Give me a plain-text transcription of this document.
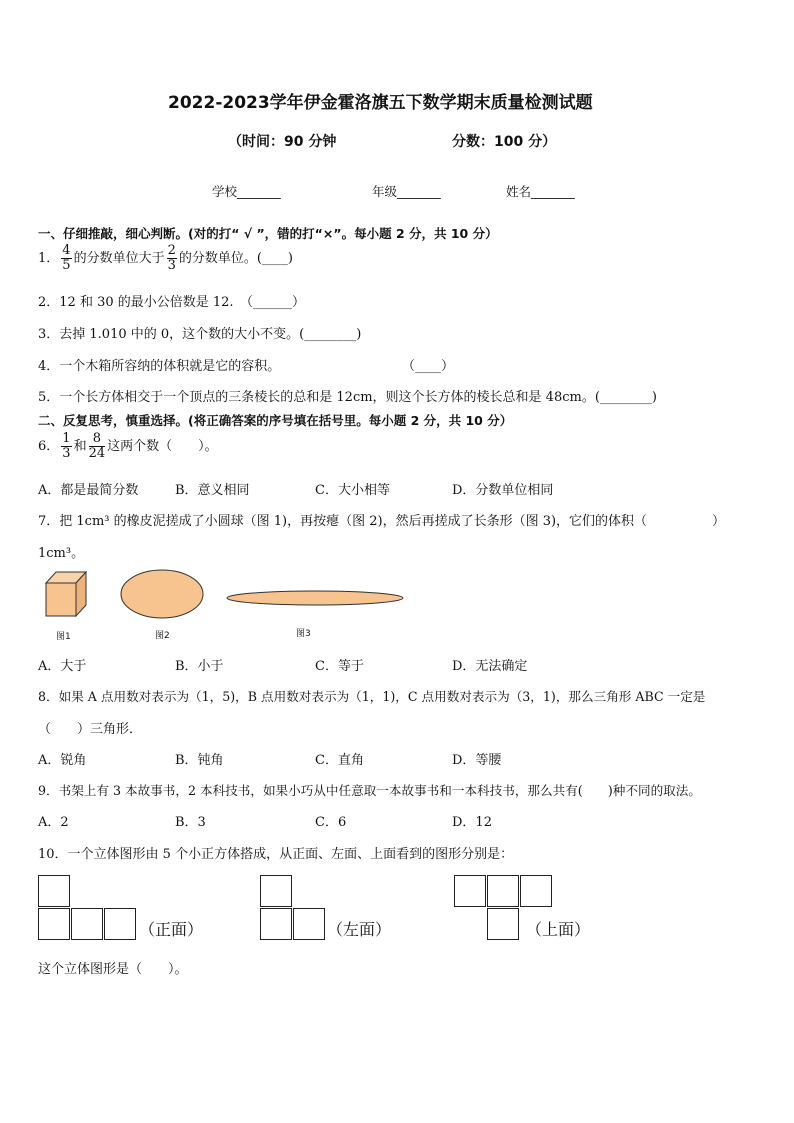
2022-2023学年伊金霍洛旗五下数学期末质量检测试题
（时间：90 分钟	分数：100 分）
学校_______	年级_______	姓名_______
一、仔细推敲，细心判断。(对的打“ √ ”，错的打“×”。每小题 2 分，共 10 分）
1． $\frac{4}{5}$ 的分数单位大于 $\frac{2}{3}$ 的分数单位。(____)
2．12 和 30 的最小公倍数是 12.　（______）
3．去掉 1.010 中的 0，这个数的大小不变。(________)
4．一个木箱所容纳的体积就是它的容积。	（____）
5．一个长方体相交于一个顶点的三条棱长的总和是 12cm，则这个长方体的棱长总和是 48cm。(________)
二、反复思考，慎重选择。(将正确答案的序号填在括号里。每小题 2 分，共 10 分）
6． $\frac{1}{3}$ 和 $\frac{8}{24}$ 这两个数（　　）。
A．都是最简分数	B．意义相同	C．大小相等	D．分数单位相同
7．把 1cm³ 的橡皮泥搓成了小圆球（图 1)，再按瘪（图 2)，然后再搓成了长条形（图 3)，它们的体积（　　　　　）
1cm³。
图1	图2	图3
A．大于	B．小于	C．等于	D．无法确定
8．如果 A 点用数对表示为（1，5)，B 点用数对表示为（1，1)，C 点用数对表示为（3，1)，那么三角形 ABC 一定是
（　　）三角形．
A．锐角	B．钝角	C．直角	D．等腰
9．书架上有 3 本故事书，2 本科技书，如果小巧从中任意取一本故事书和一本科技书，那么共有(　　)种不同的取法。
A．2	B．3	C．6	D．12
10．一个立体图形由 5 个小正方体搭成，从正面、左面、上面看到的图形分别是：
（正面）	（左面）	（上面）
这个立体图形是（　　）。
